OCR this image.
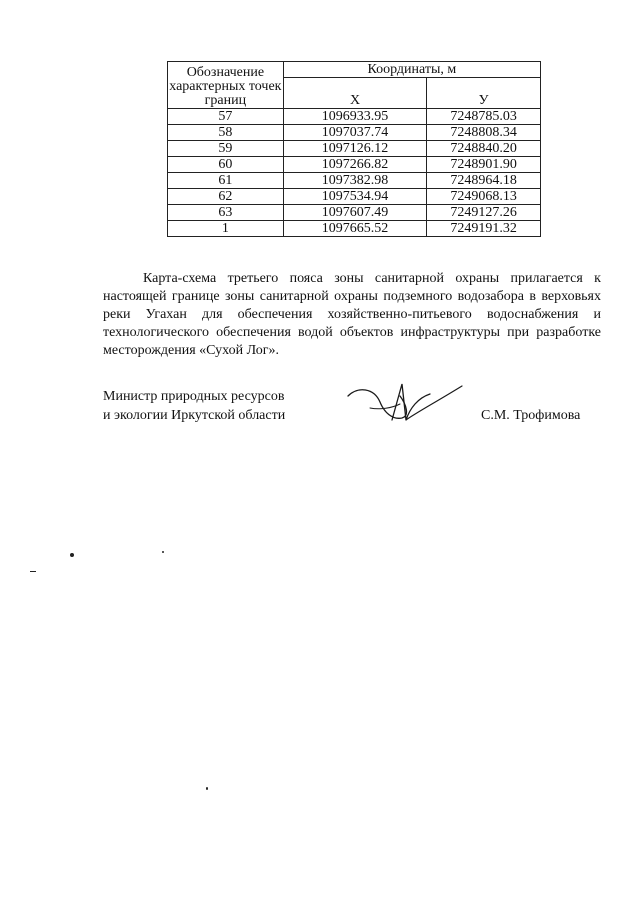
Обозначение характерных точек границ	Координаты, м	
	X	У
57	1096933.95	7248785.03
58	1097037.74	7248808.34
59	1097126.12	7248840.20
60	1097266.82	7248901.90
61	1097382.98	7248964.18
62	1097534.94	7249068.13
63	1097607.49	7249127.26
1	1097665.52	7249191.32

Карта-схема третьего пояса зоны санитарной охраны прилагается к настоящей границе зоны санитарной охраны подземного водозабора в верховьях реки Угахан для обеспечения хозяйственно-питьевого водоснабжения и технологического обеспечения водой объектов инфраструктуры при разработке месторождения «Сухой Лог».

Министр природных ресурсов
и экологии Иркутской области	С.М. Трофимова
